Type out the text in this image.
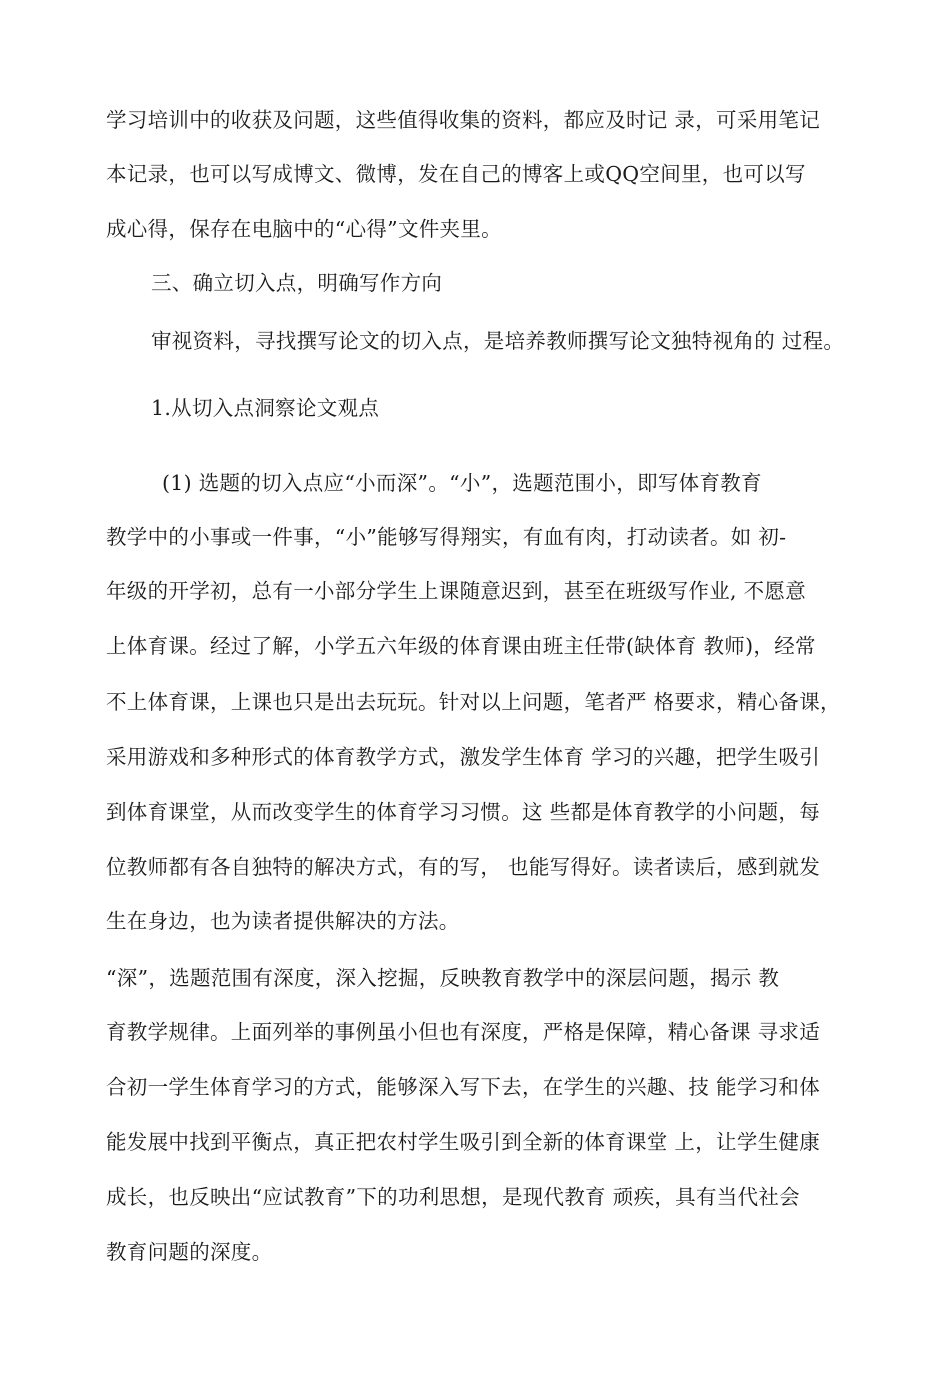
学习培训中的收获及问题，这些值得收集的资料，都应及时记 录，可采用笔记
本记录，也可以写成博文、微博，发在自己的博客上或QQ空间里，也可以写
成心得，保存在电脑中的“心得”文件夹里。
三、确立切入点，明确写作方向
审视资料，寻找撰写论文的切入点，是培养教师撰写论文独特视角的 过程。
1.从切入点洞察论文观点
(1) 选题的切入点应“小而深”。“小”，选题范围小，即写体育教育
教学中的小事或一件事，“小”能够写得翔实，有血有肉，打动读者。如 初-
年级的开学初，总有一小部分学生上课随意迟到，甚至在班级写作业, 不愿意
上体育课。经过了解，小学五六年级的体育课由班主任带(缺体育 教师)，经常
不上体育课，上课也只是出去玩玩。针对以上问题，笔者严 格要求，精心备课，
采用游戏和多种形式的体育教学方式，激发学生体育 学习的兴趣，把学生吸引
到体育课堂，从而改变学生的体育学习习惯。这 些都是体育教学的小问题，每
位教师都有各自独特的解决方式，有的写， 也能写得好。读者读后，感到就发
生在身边，也为读者提供解决的方法。
“深”，选题范围有深度，深入挖掘，反映教育教学中的深层问题，揭示 教
育教学规律。上面列举的事例虽小但也有深度，严格是保障，精心备课 寻求适
合初一学生体育学习的方式，能够深入写下去，在学生的兴趣、技 能学习和体
能发展中找到平衡点，真正把农村学生吸引到全新的体育课堂 上，让学生健康
成长，也反映出“应试教育”下的功利思想，是现代教育 顽疾，具有当代社会
教育问题的深度。
